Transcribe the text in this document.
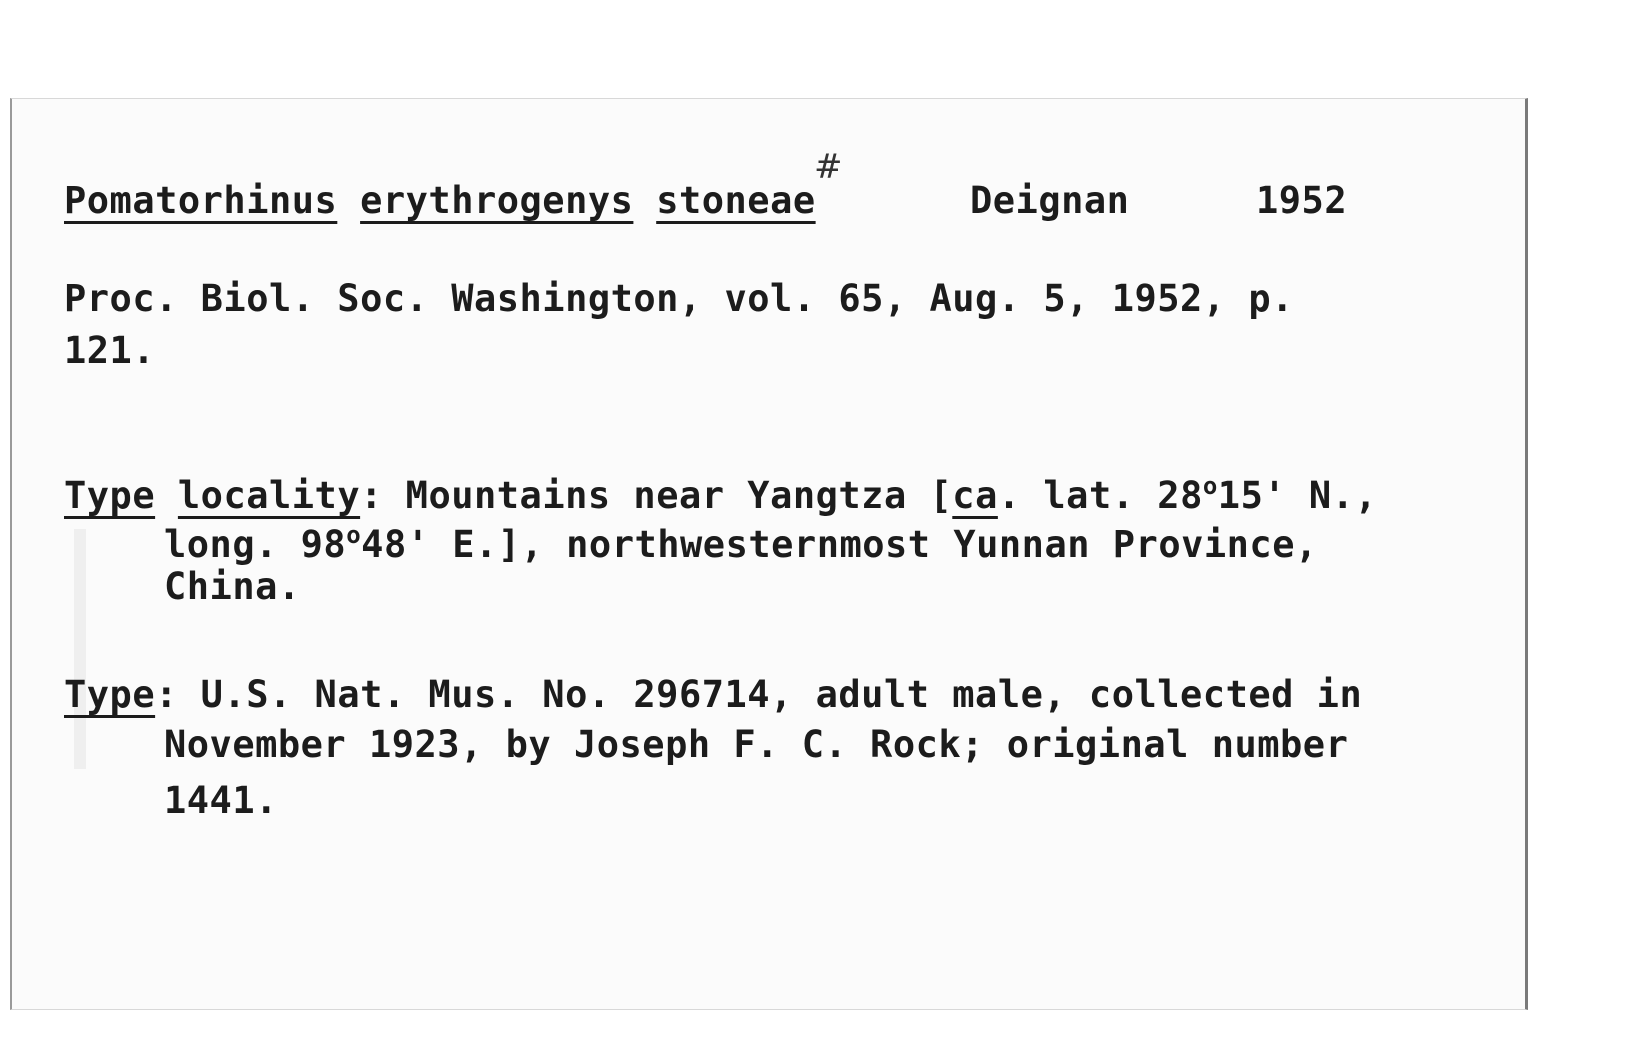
Pomatorhinus erythrogenys stoneae
#
Deignan	1952
Proc. Biol. Soc. Washington, vol. 65, Aug. 5, 1952, p.
121.
Type locality: Mountains near Yangtza [ca. lat. 28$^o$15' N.,
long. 98$^o$48' E.], northwesternmost Yunnan Province,
China.
Type: U.S. Nat. Mus. No. 296714, adult male, collected in
November 1923, by Joseph F. C. Rock; original number
1441.
